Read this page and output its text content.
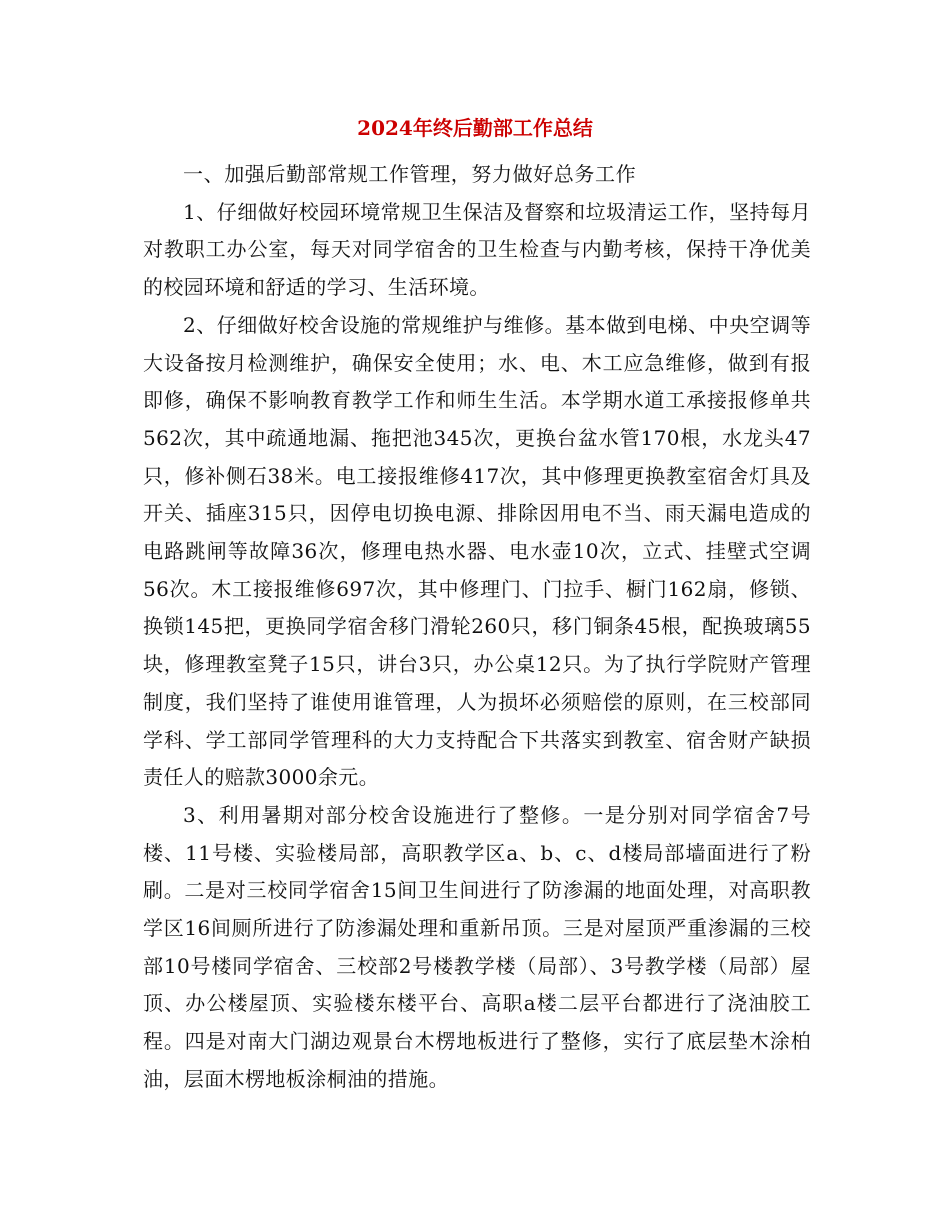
2024年终后勤部工作总结

一、加强后勤部常规工作管理，努力做好总务工作

1、仔细做好校园环境常规卫生保洁及督察和垃圾清运工作，坚持每月对教职工办公室，每天对同学宿舍的卫生检查与内勤考核，保持干净优美的校园环境和舒适的学习、生活环境。

2、仔细做好校舍设施的常规维护与维修。基本做到电梯、中央空调等大设备按月检测维护，确保安全使用；水、电、木工应急维修，做到有报即修，确保不影响教育教学工作和师生生活。本学期水道工承接报修单共562次，其中疏通地漏、拖把池345次，更换台盆水管170根，水龙头47只，修补侧石38米。电工接报维修417次，其中修理更换教室宿舍灯具及开关、插座315只，因停电切换电源、排除因用电不当、雨天漏电造成的电路跳闸等故障36次，修理电热水器、电水壶10次，立式、挂壁式空调56次。木工接报维修697次，其中修理门、门拉手、橱门162扇，修锁、换锁145把，更换同学宿舍移门滑轮260只，移门铜条45根，配换玻璃55块，修理教室凳子15只，讲台3只，办公桌12只。为了执行学院财产管理制度，我们坚持了谁使用谁管理，人为损坏必须赔偿的原则，在三校部同学科、学工部同学管理科的大力支持配合下共落实到教室、宿舍财产缺损责任人的赔款3000余元。

3、利用暑期对部分校舍设施进行了整修。一是分别对同学宿舍7号楼、11号楼、实验楼局部，高职教学区a、b、c、d楼局部墙面进行了粉刷。二是对三校同学宿舍15间卫生间进行了防渗漏的地面处理，对高职教学区16间厕所进行了防渗漏处理和重新吊顶。三是对屋顶严重渗漏的三校部10号楼同学宿舍、三校部2号楼教学楼（局部）、3号教学楼（局部）屋顶、办公楼屋顶、实验楼东楼平台、高职a楼二层平台都进行了浇油胶工程。四是对南大门湖边观景台木楞地板进行了整修，实行了底层垫木涂柏油，层面木楞地板涂桐油的措施。
